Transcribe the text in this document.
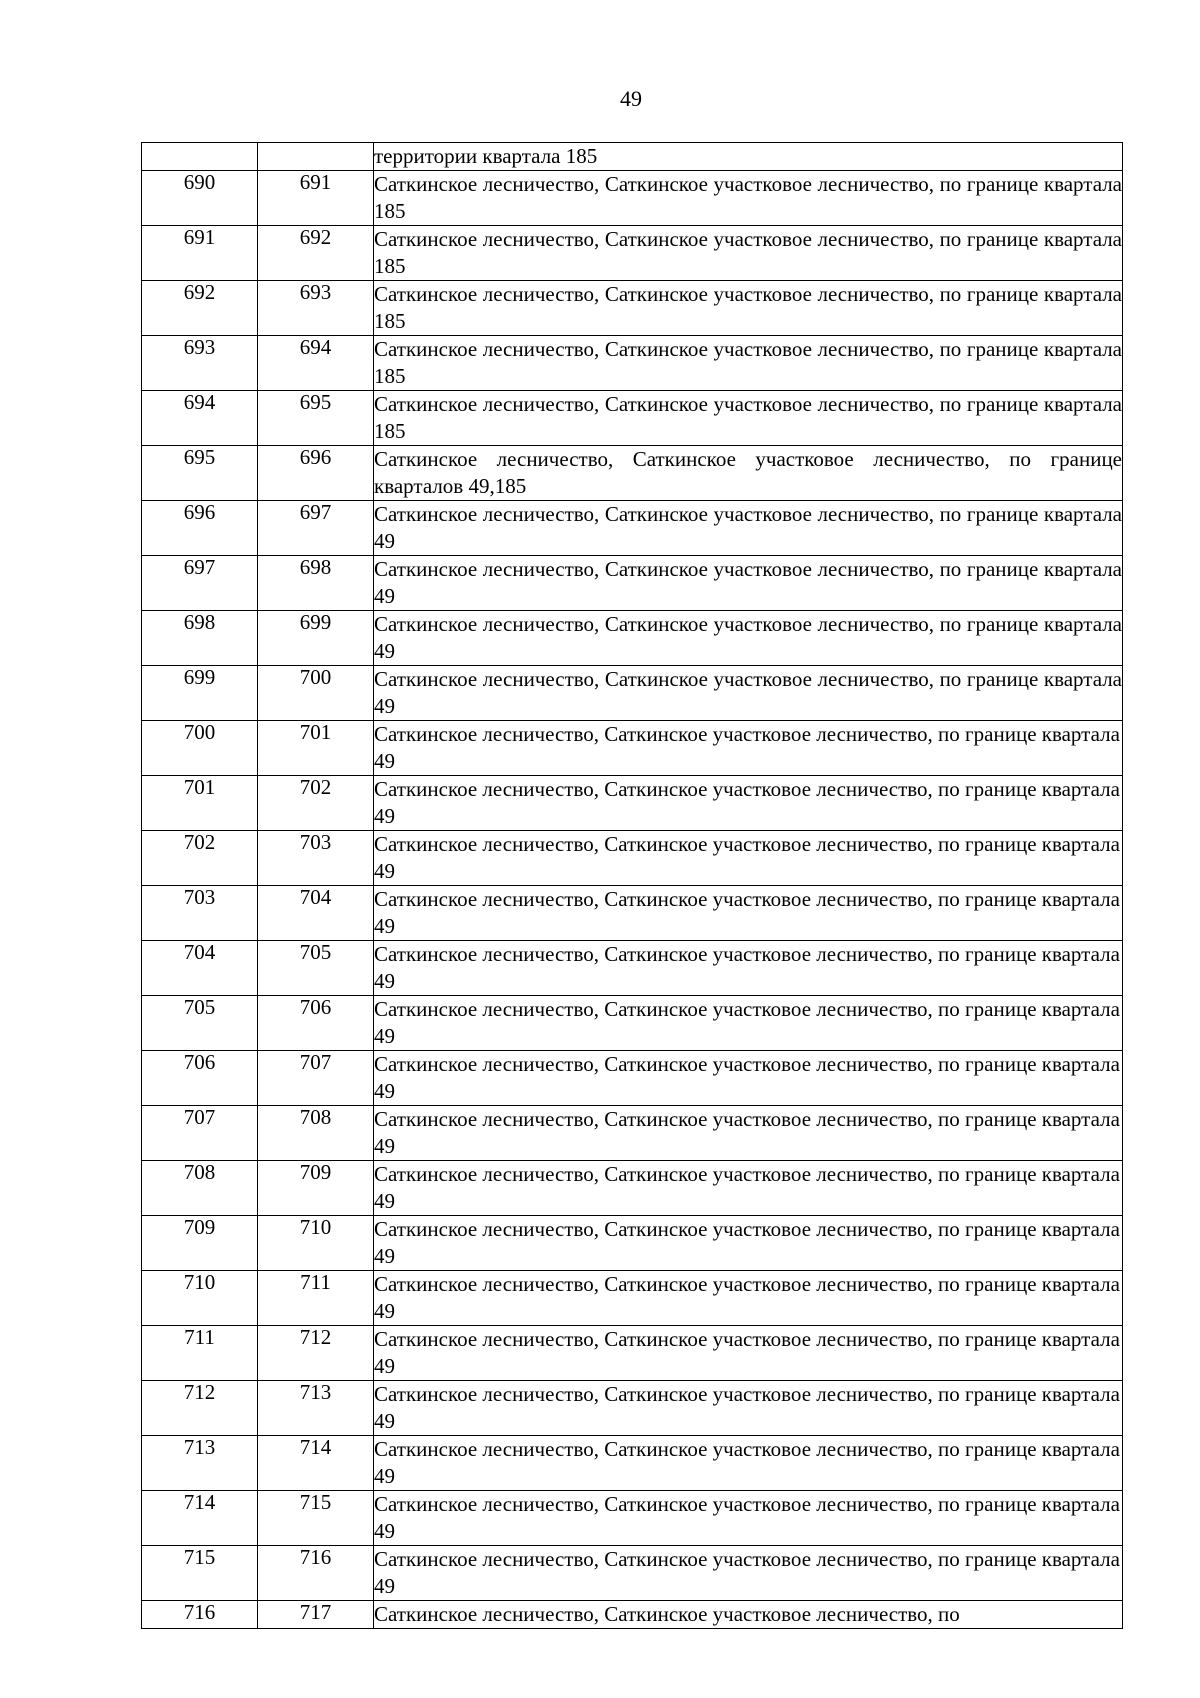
49

		территории квартала 185

690	691	Саткинское лесничество, Саткинское участковое лесничество, по границе квартала 185

691	692	Саткинское лесничество, Саткинское участковое лесничество, по границе квартала 185

692	693	Саткинское лесничество, Саткинское участковое лесничество, по границе квартала 185

693	694	Саткинское лесничество, Саткинское участковое лесничество, по границе квартала 185

694	695	Саткинское лесничество, Саткинское участковое лесничество, по границе квартала 185

695	696	Саткинское лесничество, Саткинское участковое лесничество, по границе кварталов 49,185

696	697	Саткинское лесничество, Саткинское участковое лесничество, по границе квартала 49

697	698	Саткинское лесничество, Саткинское участковое лесничество, по границе квартала 49

698	699	Саткинское лесничество, Саткинское участковое лесничество, по границе квартала 49

699	700	Саткинское лесничество, Саткинское участковое лесничество, по границе квартала 49

700	701	Саткинское лесничество, Саткинское участковое лесничество, по границе квартала 49

701	702	Саткинское лесничество, Саткинское участковое лесничество, по границе квартала 49

702	703	Саткинское лесничество, Саткинское участковое лесничество, по границе квартала 49

703	704	Саткинское лесничество, Саткинское участковое лесничество, по границе квартала 49

704	705	Саткинское лесничество, Саткинское участковое лесничество, по границе квартала 49

705	706	Саткинское лесничество, Саткинское участковое лесничество, по границе квартала 49

706	707	Саткинское лесничество, Саткинское участковое лесничество, по границе квартала 49

707	708	Саткинское лесничество, Саткинское участковое лесничество, по границе квартала 49

708	709	Саткинское лесничество, Саткинское участковое лесничество, по границе квартала 49

709	710	Саткинское лесничество, Саткинское участковое лесничество, по границе квартала 49

710	711	Саткинское лесничество, Саткинское участковое лесничество, по границе квартала 49

711	712	Саткинское лесничество, Саткинское участковое лесничество, по границе квартала 49

712	713	Саткинское лесничество, Саткинское участковое лесничество, по границе квартала 49

713	714	Саткинское лесничество, Саткинское участковое лесничество, по границе квартала 49

714	715	Саткинское лесничество, Саткинское участковое лесничество, по границе квартала 49

715	716	Саткинское лесничество, Саткинское участковое лесничество, по границе квартала 49

716	717	Саткинское лесничество, Саткинское участковое лесничество, по
